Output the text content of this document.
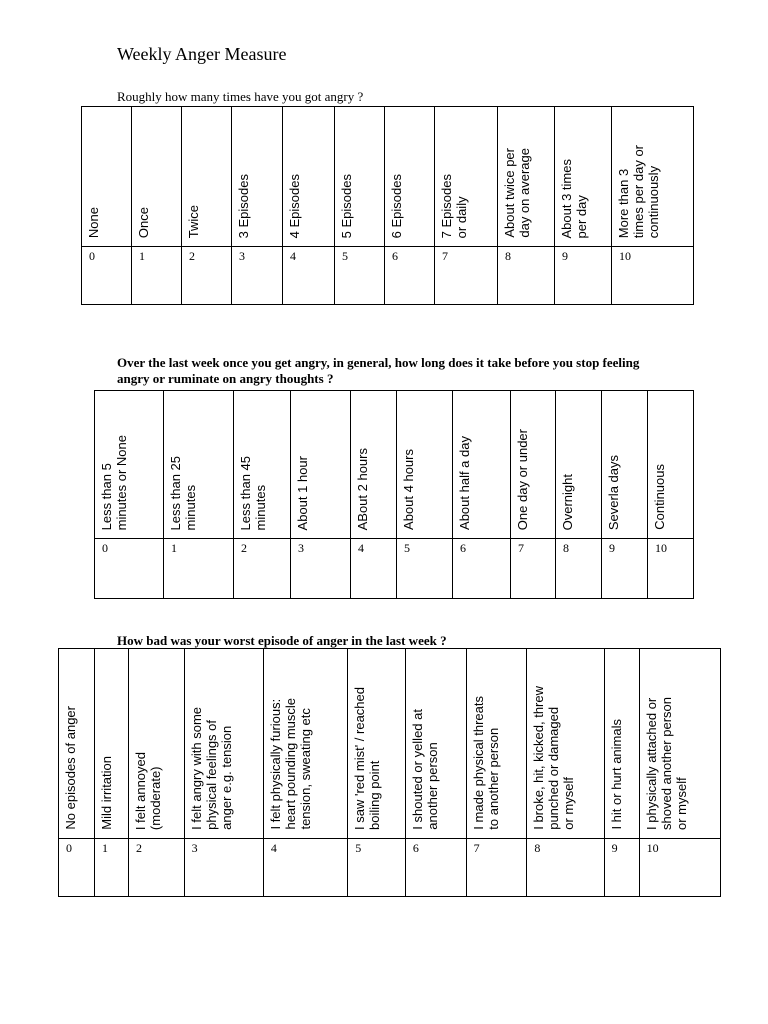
Weekly Anger Measure
Roughly how many times have you got angry ?
None	Once	Twice	3 Episodes	4 Episodes	5 Episodes	6 Episodes	7 Episodes
or daily	About twice per
day on average	About 3 times
per day	More than 3
times per day or
continuously

0	1	2	3	4	5	6	7	8	9	10
Over the last week once you get angry, in general, how long does it take before you stop feeling angry or ruminate on angry thoughts ?
Less than 5
minutes or None	Less than 25
minutes	Less than 45
minutes	About 1 hour	ABout 2 hours	About 4 hours	About half a day	One day or under	Overnight	Severla days	Continuous

0	1	2	3	4	5	6	7	8	9	10
How bad was your worst episode of anger in the last week ?
No episodes of anger	Mild irritation	I felt annoyed
(moderate)	I felt angry with some
physical feelings of
anger e.g. tension	I felt physically furious:
heart pounding muscle
tension, sweating etc	I saw 'red mist' / reached
boiling point	I shouted or yelled at
another person	I made physical threats
to another person	I broke, hit, kicked, threw
punched or damaged
or myself	I hit or hurt animals	I physically attached or
shoved another person
or myself

0	1	2	3	4	5	6	7	8	9	10
